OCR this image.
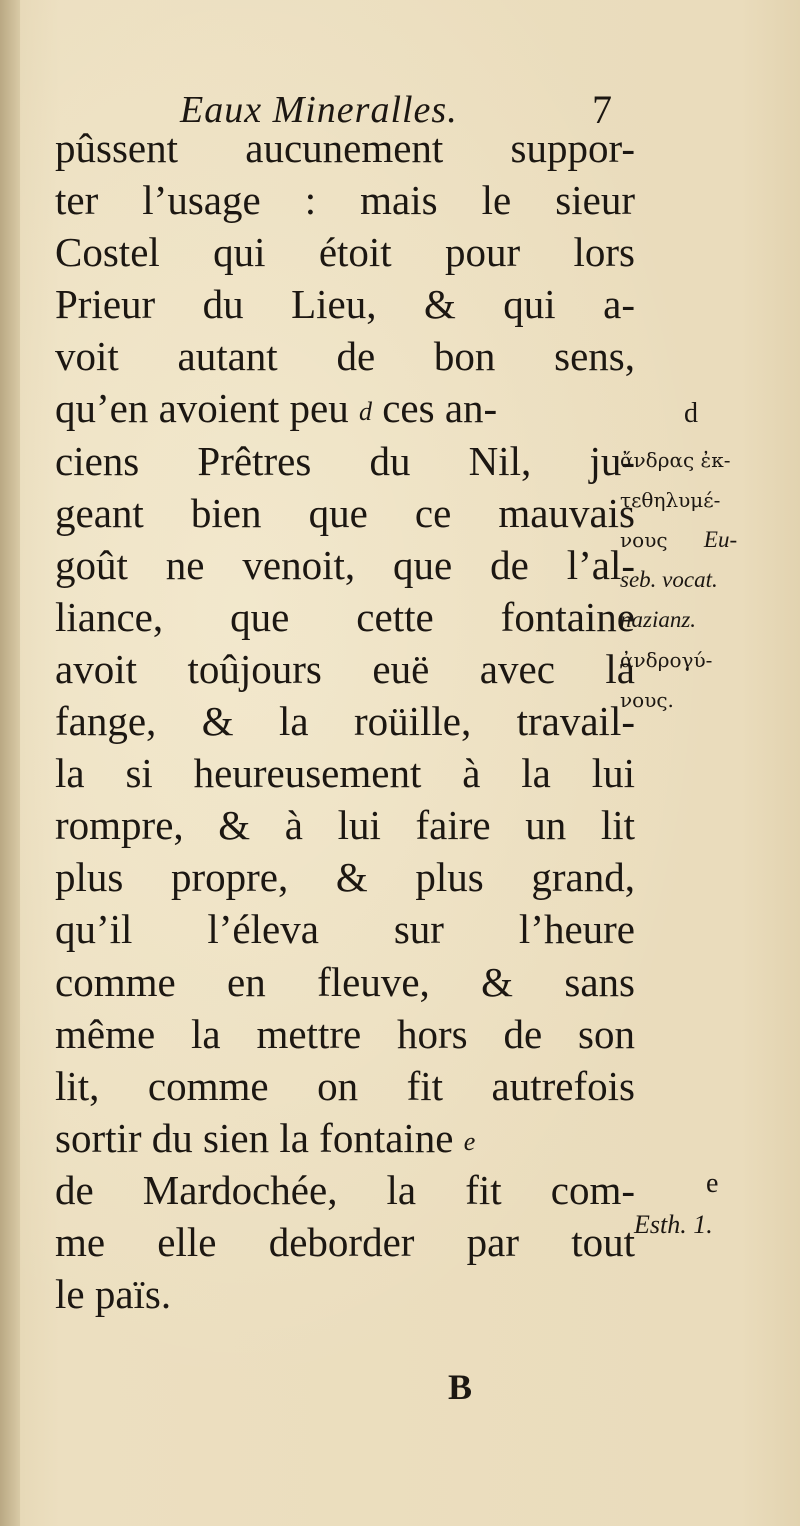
Eaux Mineralles.	7
pûssent aucunement suppor-
ter l’usage : mais le sieur
Costel qui étoit pour lors
Prieur du Lieu, & qui a-
voit autant de bon sens,
qu’en avoient peu d ces an-
ciens Prêtres du Nil, ju-
geant bien que ce mauvais
goût ne venoit, que de l’al-
liance, que cette fontaine
avoit toûjours euë avec la
fange, & la roüille, travail-
la si heureusement à la lui
rompre, & à lui faire un lit
plus propre, & plus grand,
qu’il l’éleva sur l’heure
comme en fleuve, & sans
même la mettre hors de son
lit, comme on fit autrefois
sortir du sien la fontaine e
de Mardochée, la fit com-
me elle deborder par tout
le païs.
d
ἄνδρας ἐκ-
τεθηλυμέ-
νους Eu-
seb. vocat.
nazianz.
ἀνδρογύ-
νους.
e
Esth. 1.
B
